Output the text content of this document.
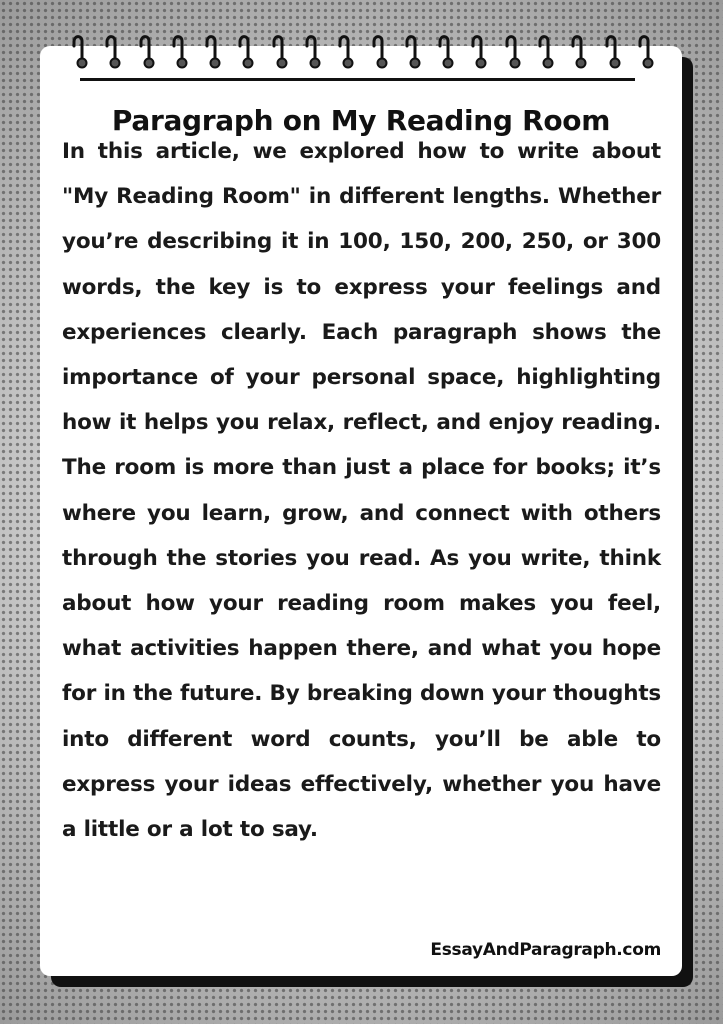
Paragraph on My Reading Room

In this article, we explored how to write about "My Reading Room" in different lengths. Whether you’re describing it in 100, 150, 200, 250, or 300 words, the key is to express your feelings and experiences clearly. Each paragraph shows the importance of your personal space, highlighting how it helps you relax, reflect, and enjoy reading. The room is more than just a place for books; it’s where you learn, grow, and connect with others through the stories you read. As you write, think about how your reading room makes you feel, what activities happen there, and what you hope for in the future. By breaking down your thoughts into different word counts, you’ll be able to express your ideas effectively, whether you have a little or a lot to say.

EssayAndParagraph.com
